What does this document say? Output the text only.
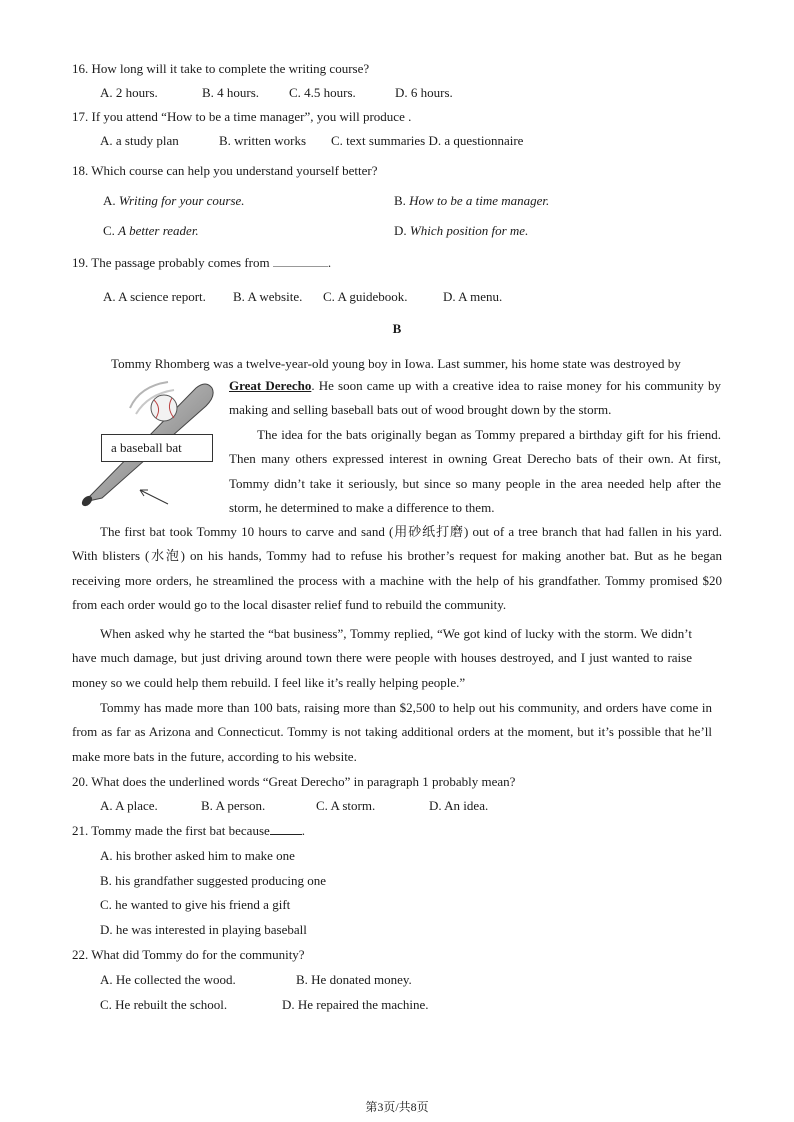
16. How long will it take to complete the writing course?
A. 2 hours.	B. 4 hours. C. 4.5 hours.	D. 6 hours.
17. If you attend “How to be a time manager”, you will produce .
A. a study plan	B. written works C. text summaries D. a questionnaire
18. Which course can help you understand yourself better?
A. Writing for your course.	B. How to be a time manager.
C. A better reader.	D. Which position for me.
19. The passage probably comes from	.
A. A science report. B. A website. C. A guidebook.	D. A menu.
B
a baseball bat
Tommy Rhomberg was a twelve-year-old young boy in Iowa. Last summer, his home state was destroyed by
Great Derecho. He soon came up with a creative idea to raise money for his community by making and selling baseball bats out of wood brought down by the storm.
The idea for the bats originally began as Tommy prepared a birthday gift for his friend. Then many others expressed interest in owning Great Derecho bats of their own. At first, Tommy didn’t take it seriously, but since so many people in the area needed help after the storm, he determined to make a difference to them.
The first bat took Tommy 10 hours to carve and sand (用砂纸打磨) out of a tree branch that had fallen in his yard. With blisters (水泡) on his hands, Tommy had to refuse his brother’s request for making another bat. But as he began receiving more orders, he streamlined the process with a machine with the help of his grandfather. Tommy promised $20 from each order would go to the local disaster relief fund to rebuild the community.
When asked why he started the “bat business”, Tommy replied, “We got kind of lucky with the storm. We didn’t have much damage, but just driving around town there were people with houses destroyed, and I just wanted to raise money so we could help them rebuild. I feel like it’s really helping people.”
Tommy has made more than 100 bats, raising more than $2,500 to help out his community, and orders have come in from as far as Arizona and Connecticut. Tommy is not taking additional orders at the moment, but it’s possible that he’ll make more bats in the future, according to his website.
20. What does the underlined words “Great Derecho” in paragraph 1 probably mean?
A. A place.	B. A person.	C. A storm.	D. An idea.
21. Tommy made the first bat because .
A. his brother asked him to make one
B. his grandfather suggested producing one
C. he wanted to give his friend a gift
D. he was interested in playing baseball
22. What did Tommy do for the community?
A. He collected the wood.	B. He donated money.
C. He rebuilt the school.	D. He repaired the machine.
第3页/共8页
